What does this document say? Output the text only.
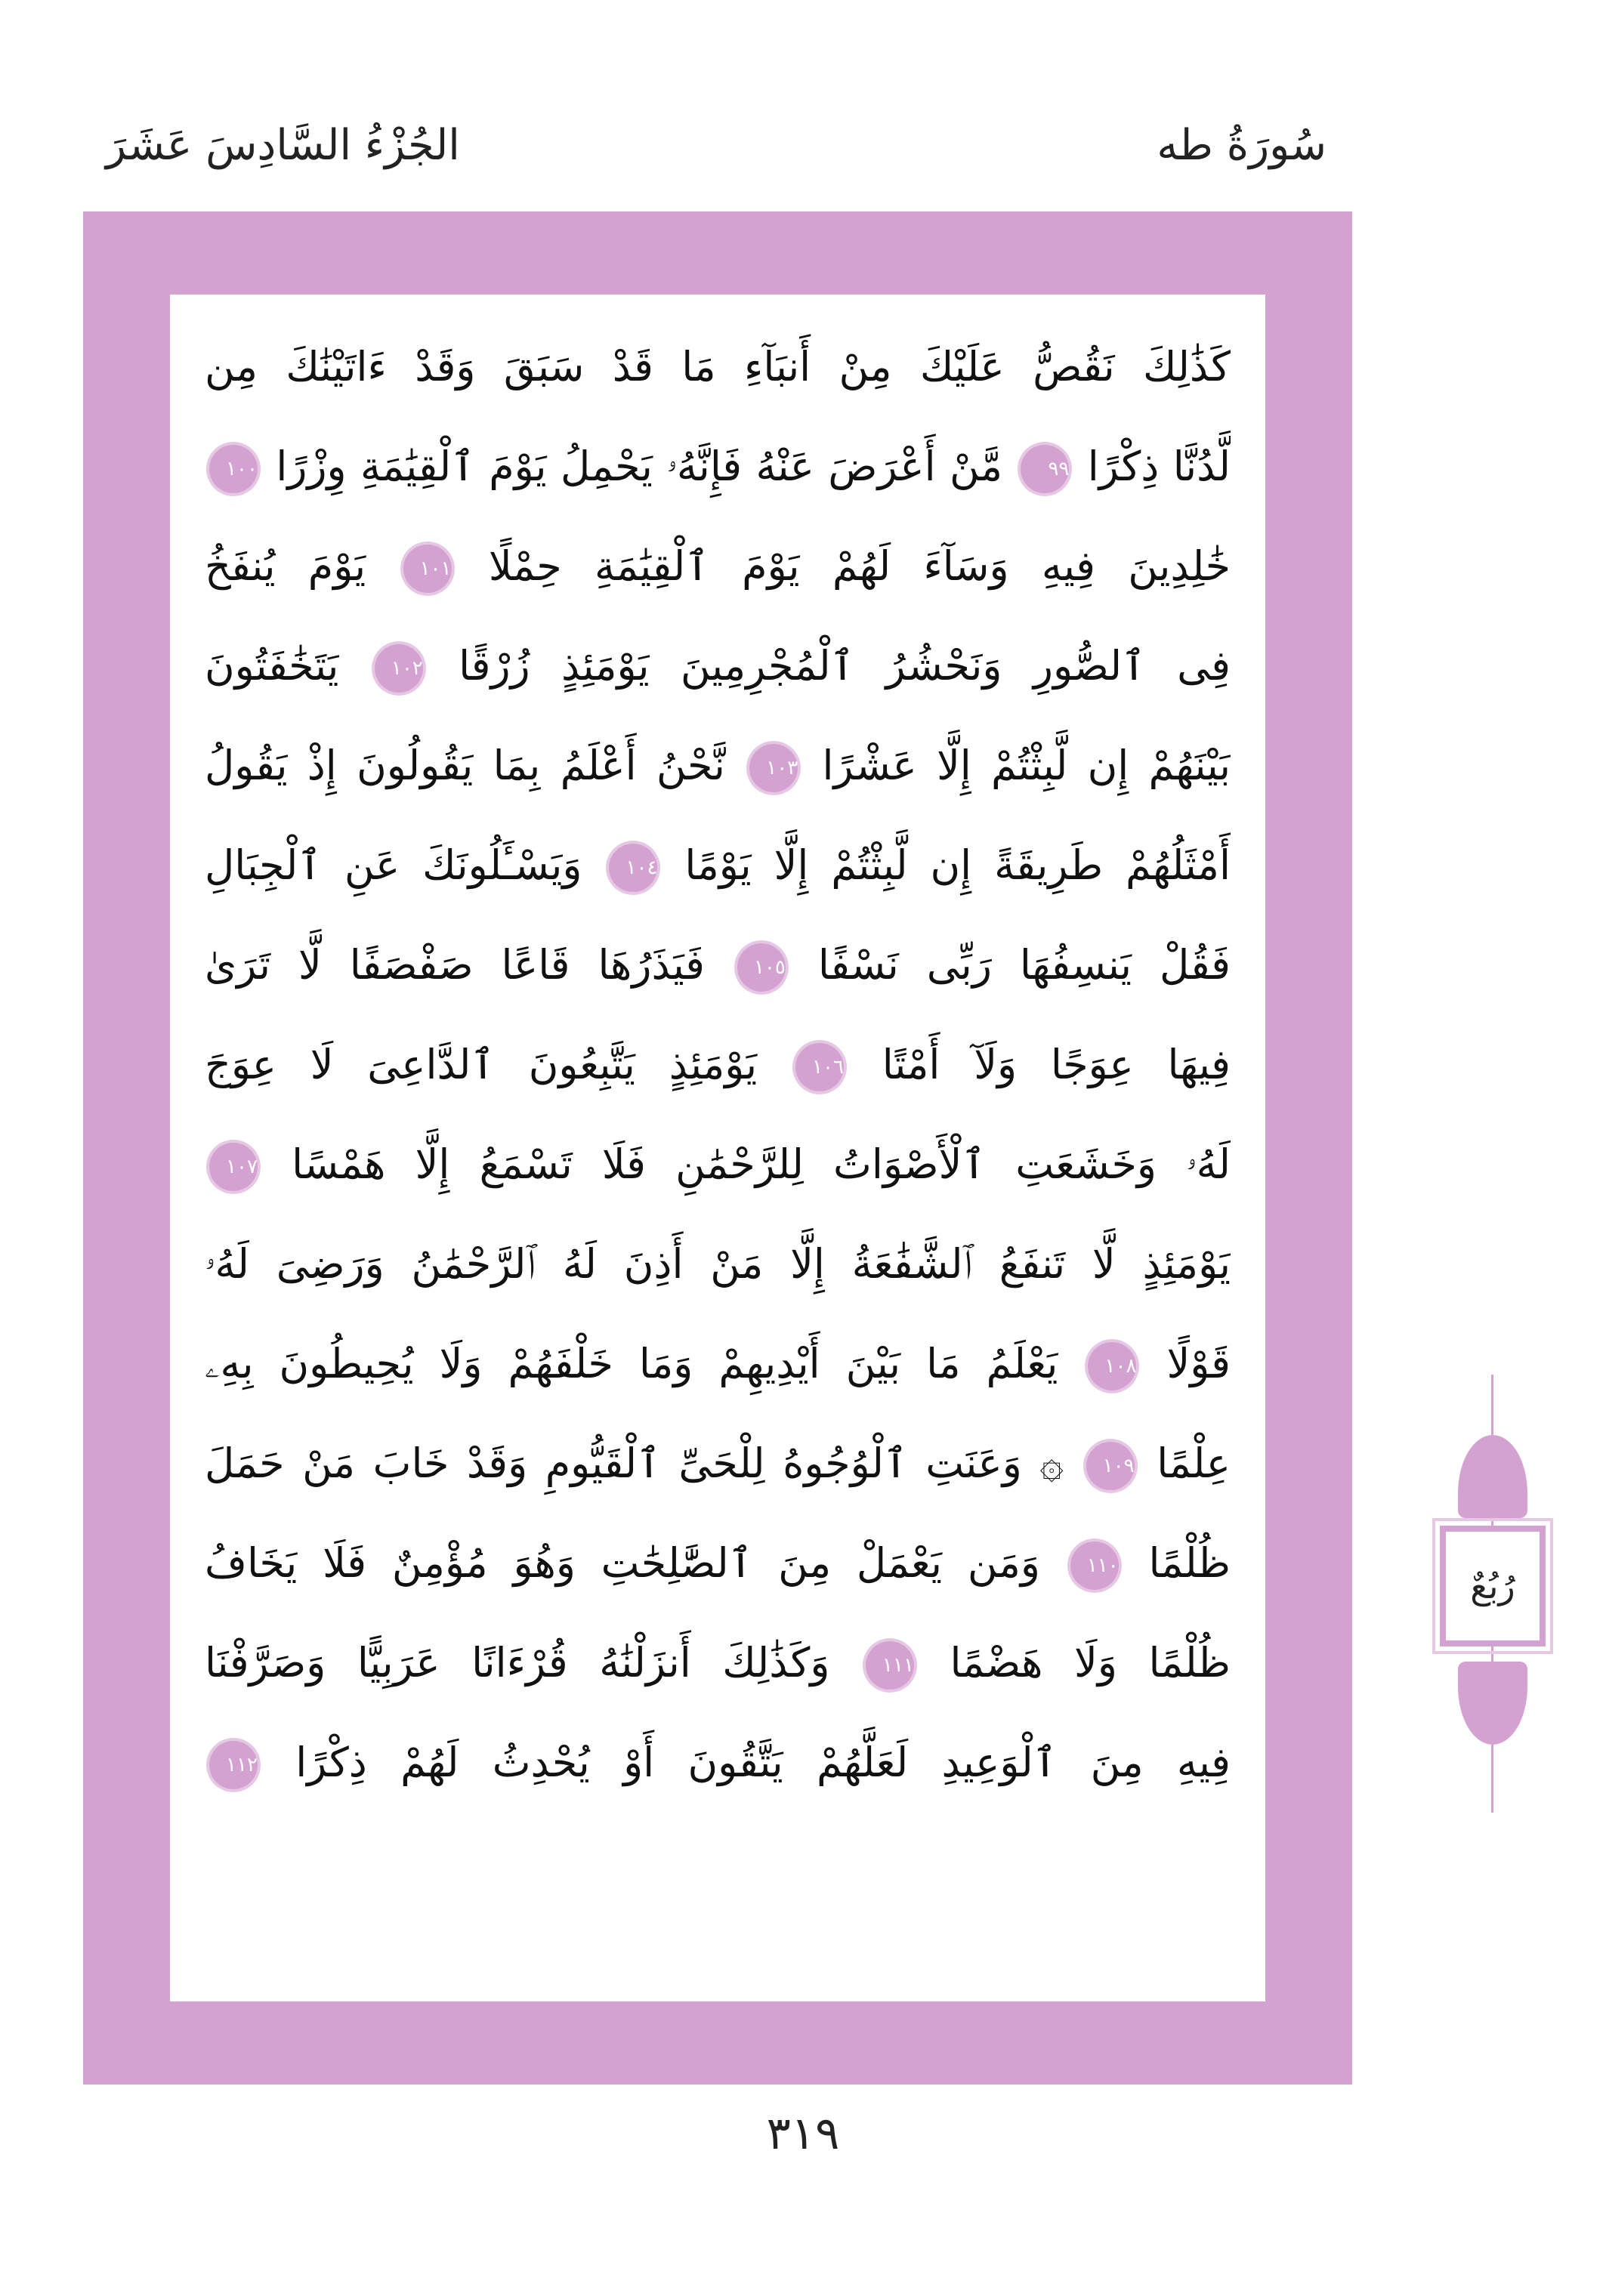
الجُزْءُ السَّادِسَ عَشَرَ	سُورَةُ طه
كَذَٰلِكَ نَقُصُّ عَلَيْكَ مِنْ أَنبَآءِ مَا قَدْ سَبَقَ وَقَدْ ءَاتَيْنَٰكَ مِن
لَّدُنَّا ذِكْرًا ٩٩ مَّنْ أَعْرَضَ عَنْهُ فَإِنَّهُۥ يَحْمِلُ يَوْمَ ٱلْقِيَٰمَةِ وِزْرًا ١٠٠
خَٰلِدِينَ فِيهِ وَسَآءَ لَهُمْ يَوْمَ ٱلْقِيَٰمَةِ حِمْلًا ١٠١ يَوْمَ يُنفَخُ
فِى ٱلصُّورِ وَنَحْشُرُ ٱلْمُجْرِمِينَ يَوْمَئِذٍ زُرْقًا ١٠٢ يَتَخَٰفَتُونَ
بَيْنَهُمْ إِن لَّبِثْتُمْ إِلَّا عَشْرًا ١٠٣ نَّحْنُ أَعْلَمُ بِمَا يَقُولُونَ إِذْ يَقُولُ
أَمْثَلُهُمْ طَرِيقَةً إِن لَّبِثْتُمْ إِلَّا يَوْمًا ١٠٤ وَيَسْـَٔلُونَكَ عَنِ ٱلْجِبَالِ
فَقُلْ يَنسِفُهَا رَبِّى نَسْفًا ١٠٥ فَيَذَرُهَا قَاعًا صَفْصَفًا لَّا تَرَىٰ
فِيهَا عِوَجًا وَلَآ أَمْتًا ١٠٦ يَوْمَئِذٍ يَتَّبِعُونَ ٱلدَّاعِىَ لَا عِوَجَ
لَهُۥ وَخَشَعَتِ ٱلْأَصْوَاتُ لِلرَّحْمَٰنِ فَلَا تَسْمَعُ إِلَّا هَمْسًا ١٠٧
يَوْمَئِذٍ لَّا تَنفَعُ ٱلشَّفَٰعَةُ إِلَّا مَنْ أَذِنَ لَهُ ٱلرَّحْمَٰنُ وَرَضِىَ لَهُۥ
قَوْلًا ١٠٨ يَعْلَمُ مَا بَيْنَ أَيْدِيهِمْ وَمَا خَلْفَهُمْ وَلَا يُحِيطُونَ بِهِۦ
عِلْمًا ١٠٩ ۞ وَعَنَتِ ٱلْوُجُوهُ لِلْحَىِّ ٱلْقَيُّومِ وَقَدْ خَابَ مَنْ حَمَلَ
ظُلْمًا ١١٠ وَمَن يَعْمَلْ مِنَ ٱلصَّٰلِحَٰتِ وَهُوَ مُؤْمِنٌ فَلَا يَخَافُ
ظُلْمًا وَلَا هَضْمًا ١١١ وَكَذَٰلِكَ أَنزَلْنَٰهُ قُرْءَانًا عَرَبِيًّا وَصَرَّفْنَا
فِيهِ مِنَ ٱلْوَعِيدِ لَعَلَّهُمْ يَتَّقُونَ أَوْ يُحْدِثُ لَهُمْ ذِكْرًا ١١٢
رُبُعٌ
٣١٩
